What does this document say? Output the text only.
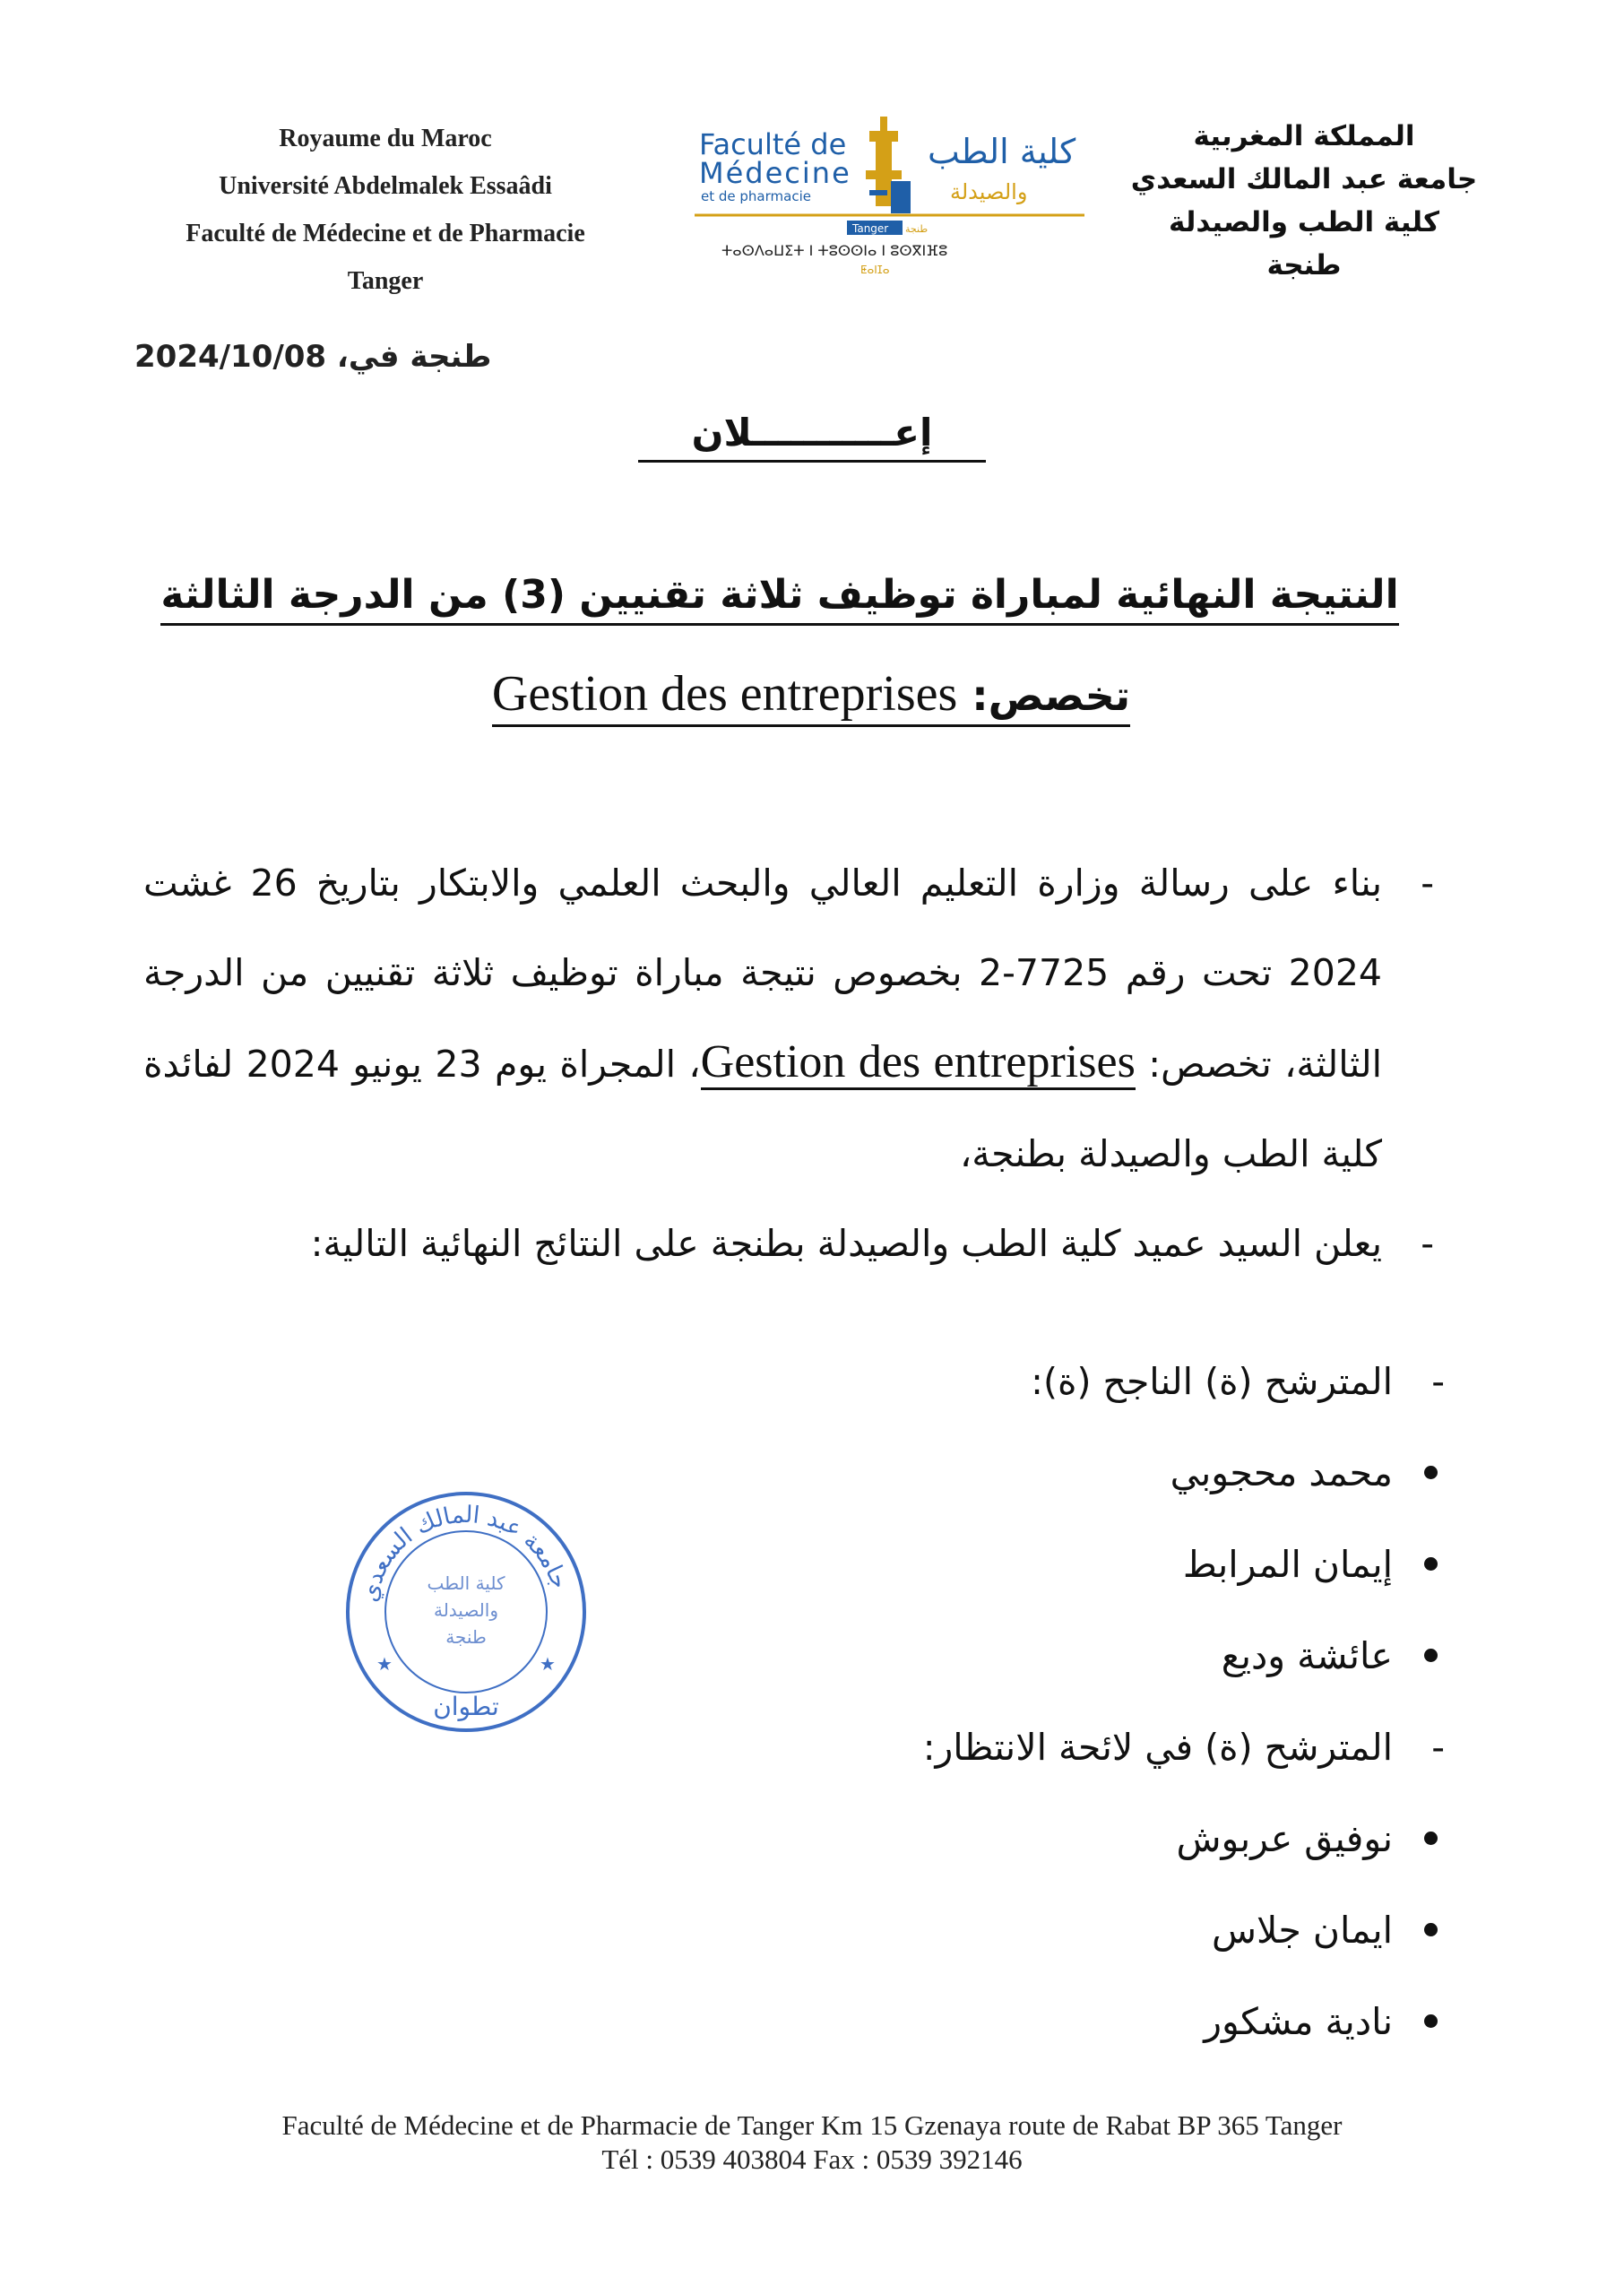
Royaume du Maroc
Université Abdelmalek Essaâdi
Faculté de Médecine et de Pharmacie
Tanger
Faculté de
Médecine
et de pharmacie
كلية الطب
والصيدلة
Tanger طنجة
ⵜⴰⵙⴷⴰⵡⵉⵜ ⵏ ⵜⵓⵙⵙⵏⴰ ⵏ ⵓⵙⴳⵏⴼⵓ
ⵟⴰⵏⵊⴰ
المملكة المغربية
جامعة عبد المالك السعدي
كلية الطب والصيدلة
طنجة
طنجة في، 2024/10/08
إعـــــــــــلان
النتيجة النهائية لمباراة توظيف ثلاثة تقنيين (3) من الدرجة الثالثة
تخصص: Gestion des entreprises
-
بناء على رسالة وزارة التعليم العالي والبحث العلمي والابتكار بتاريخ 26 غشت 2024 تحت رقم 7725-2 بخصوص نتيجة مباراة توظيف ثلاثة تقنيين من الدرجة الثالثة، تخصص: Gestion des entreprises، المجراة يوم 23 يونيو 2024 لفائدة كلية الطب والصيدلة بطنجة،
-
يعلن السيد عميد كلية الطب والصيدلة بطنجة على النتائج النهائية التالية:
-
المترشح (ة) الناجح (ة):
محمد محجوبي
إيمان المرابط
عائشة وديع
-
المترشح (ة) في لائحة الانتظار:
نوفيق عربوش
ايمان جلاس
نادية مشكور
جامعة عبد المالك السعدي
كلية الطب
والصيدلة
طنجة
تطوان
★	★
Faculté de Médecine et de Pharmacie de Tanger Km 15 Gzenaya route de Rabat BP 365 Tanger
Tél : 0539 403804 Fax : 0539 392146
